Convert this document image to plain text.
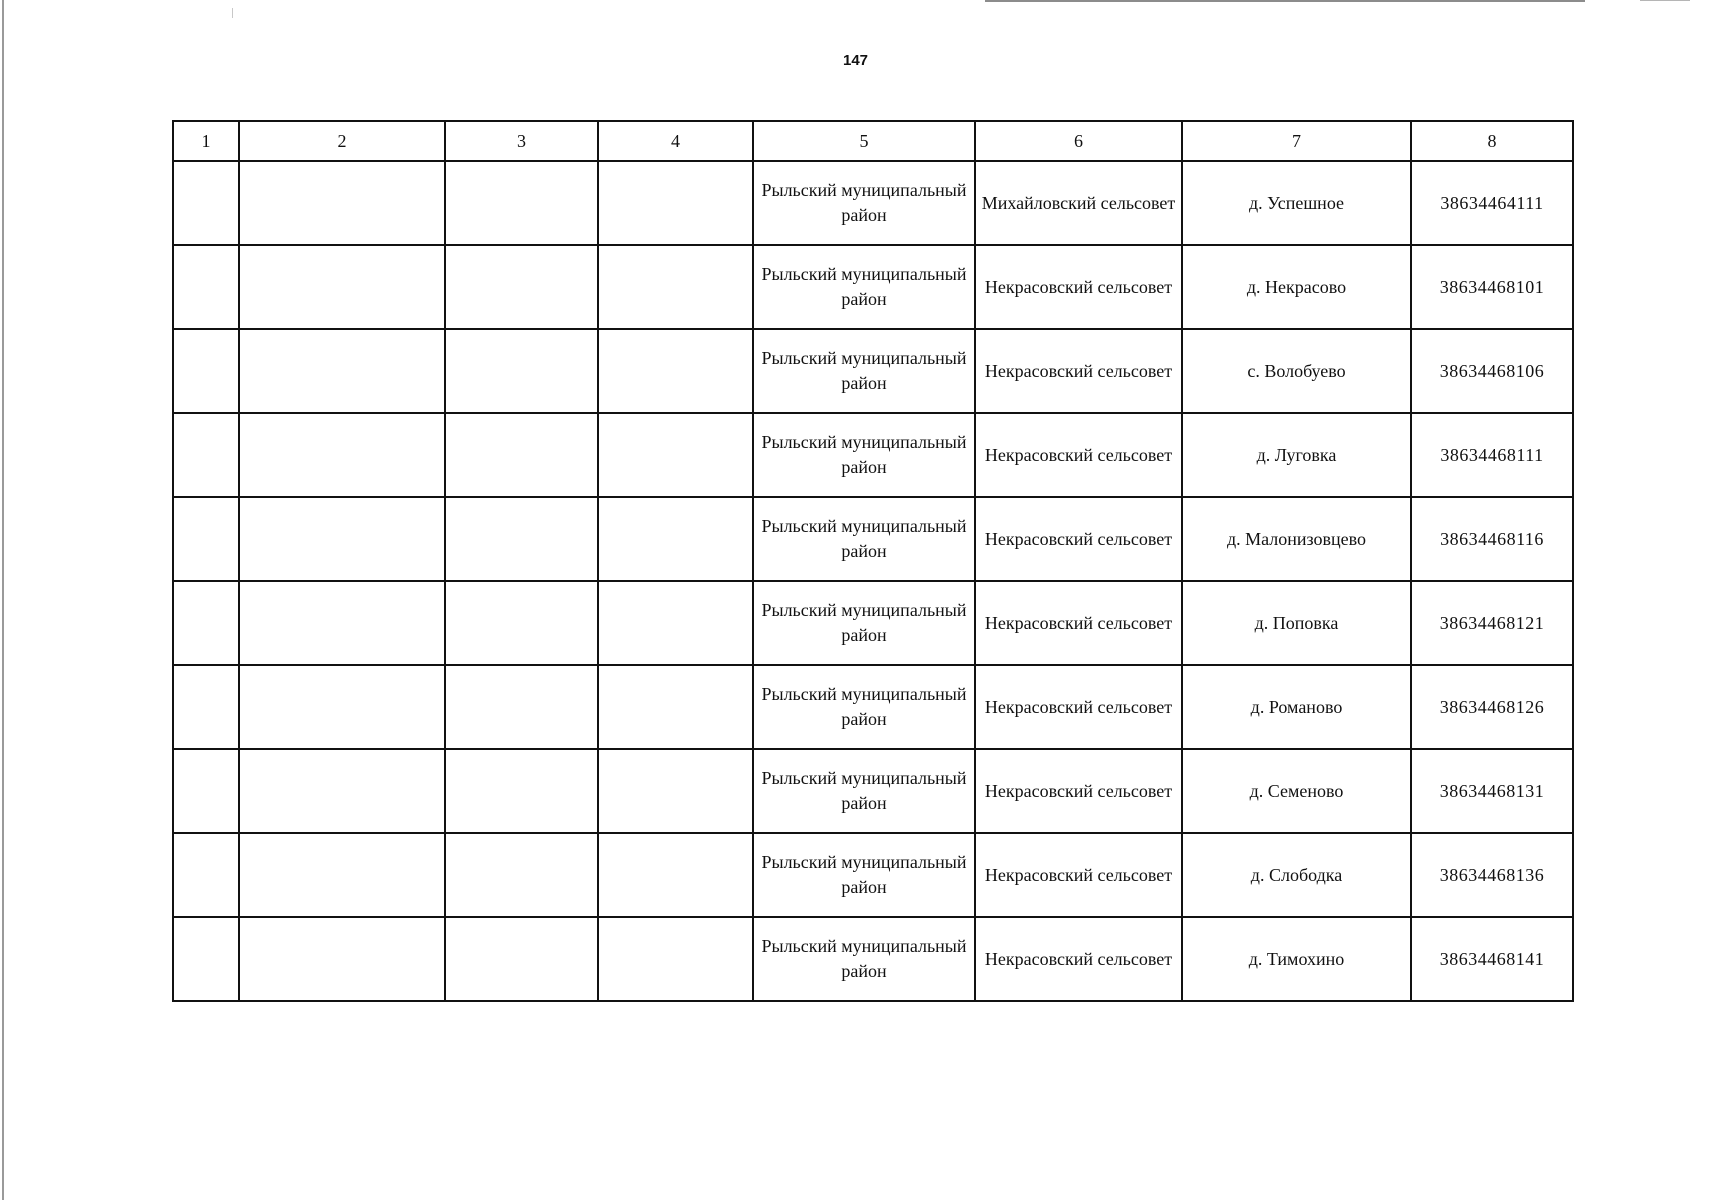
147
1	2	3	4	5	6	7	8
				Рыльский муниципальный район	Михайловский сельсовет	д. Успешное	38634464111
				Рыльский муниципальный район	Некрасовский сельсовет	д. Некрасово	38634468101
				Рыльский муниципальный район	Некрасовский сельсовет	с. Волобуево	38634468106
				Рыльский муниципальный район	Некрасовский сельсовет	д. Луговка	38634468111
				Рыльский муниципальный район	Некрасовский сельсовет	д. Малонизовцево	38634468116
				Рыльский муниципальный район	Некрасовский сельсовет	д. Поповка	38634468121
				Рыльский муниципальный район	Некрасовский сельсовет	д. Романово	38634468126
				Рыльский муниципальный район	Некрасовский сельсовет	д. Семеново	38634468131
				Рыльский муниципальный район	Некрасовский сельсовет	д. Слободка	38634468136
				Рыльский муниципальный район	Некрасовский сельсовет	д. Тимохино	38634468141
